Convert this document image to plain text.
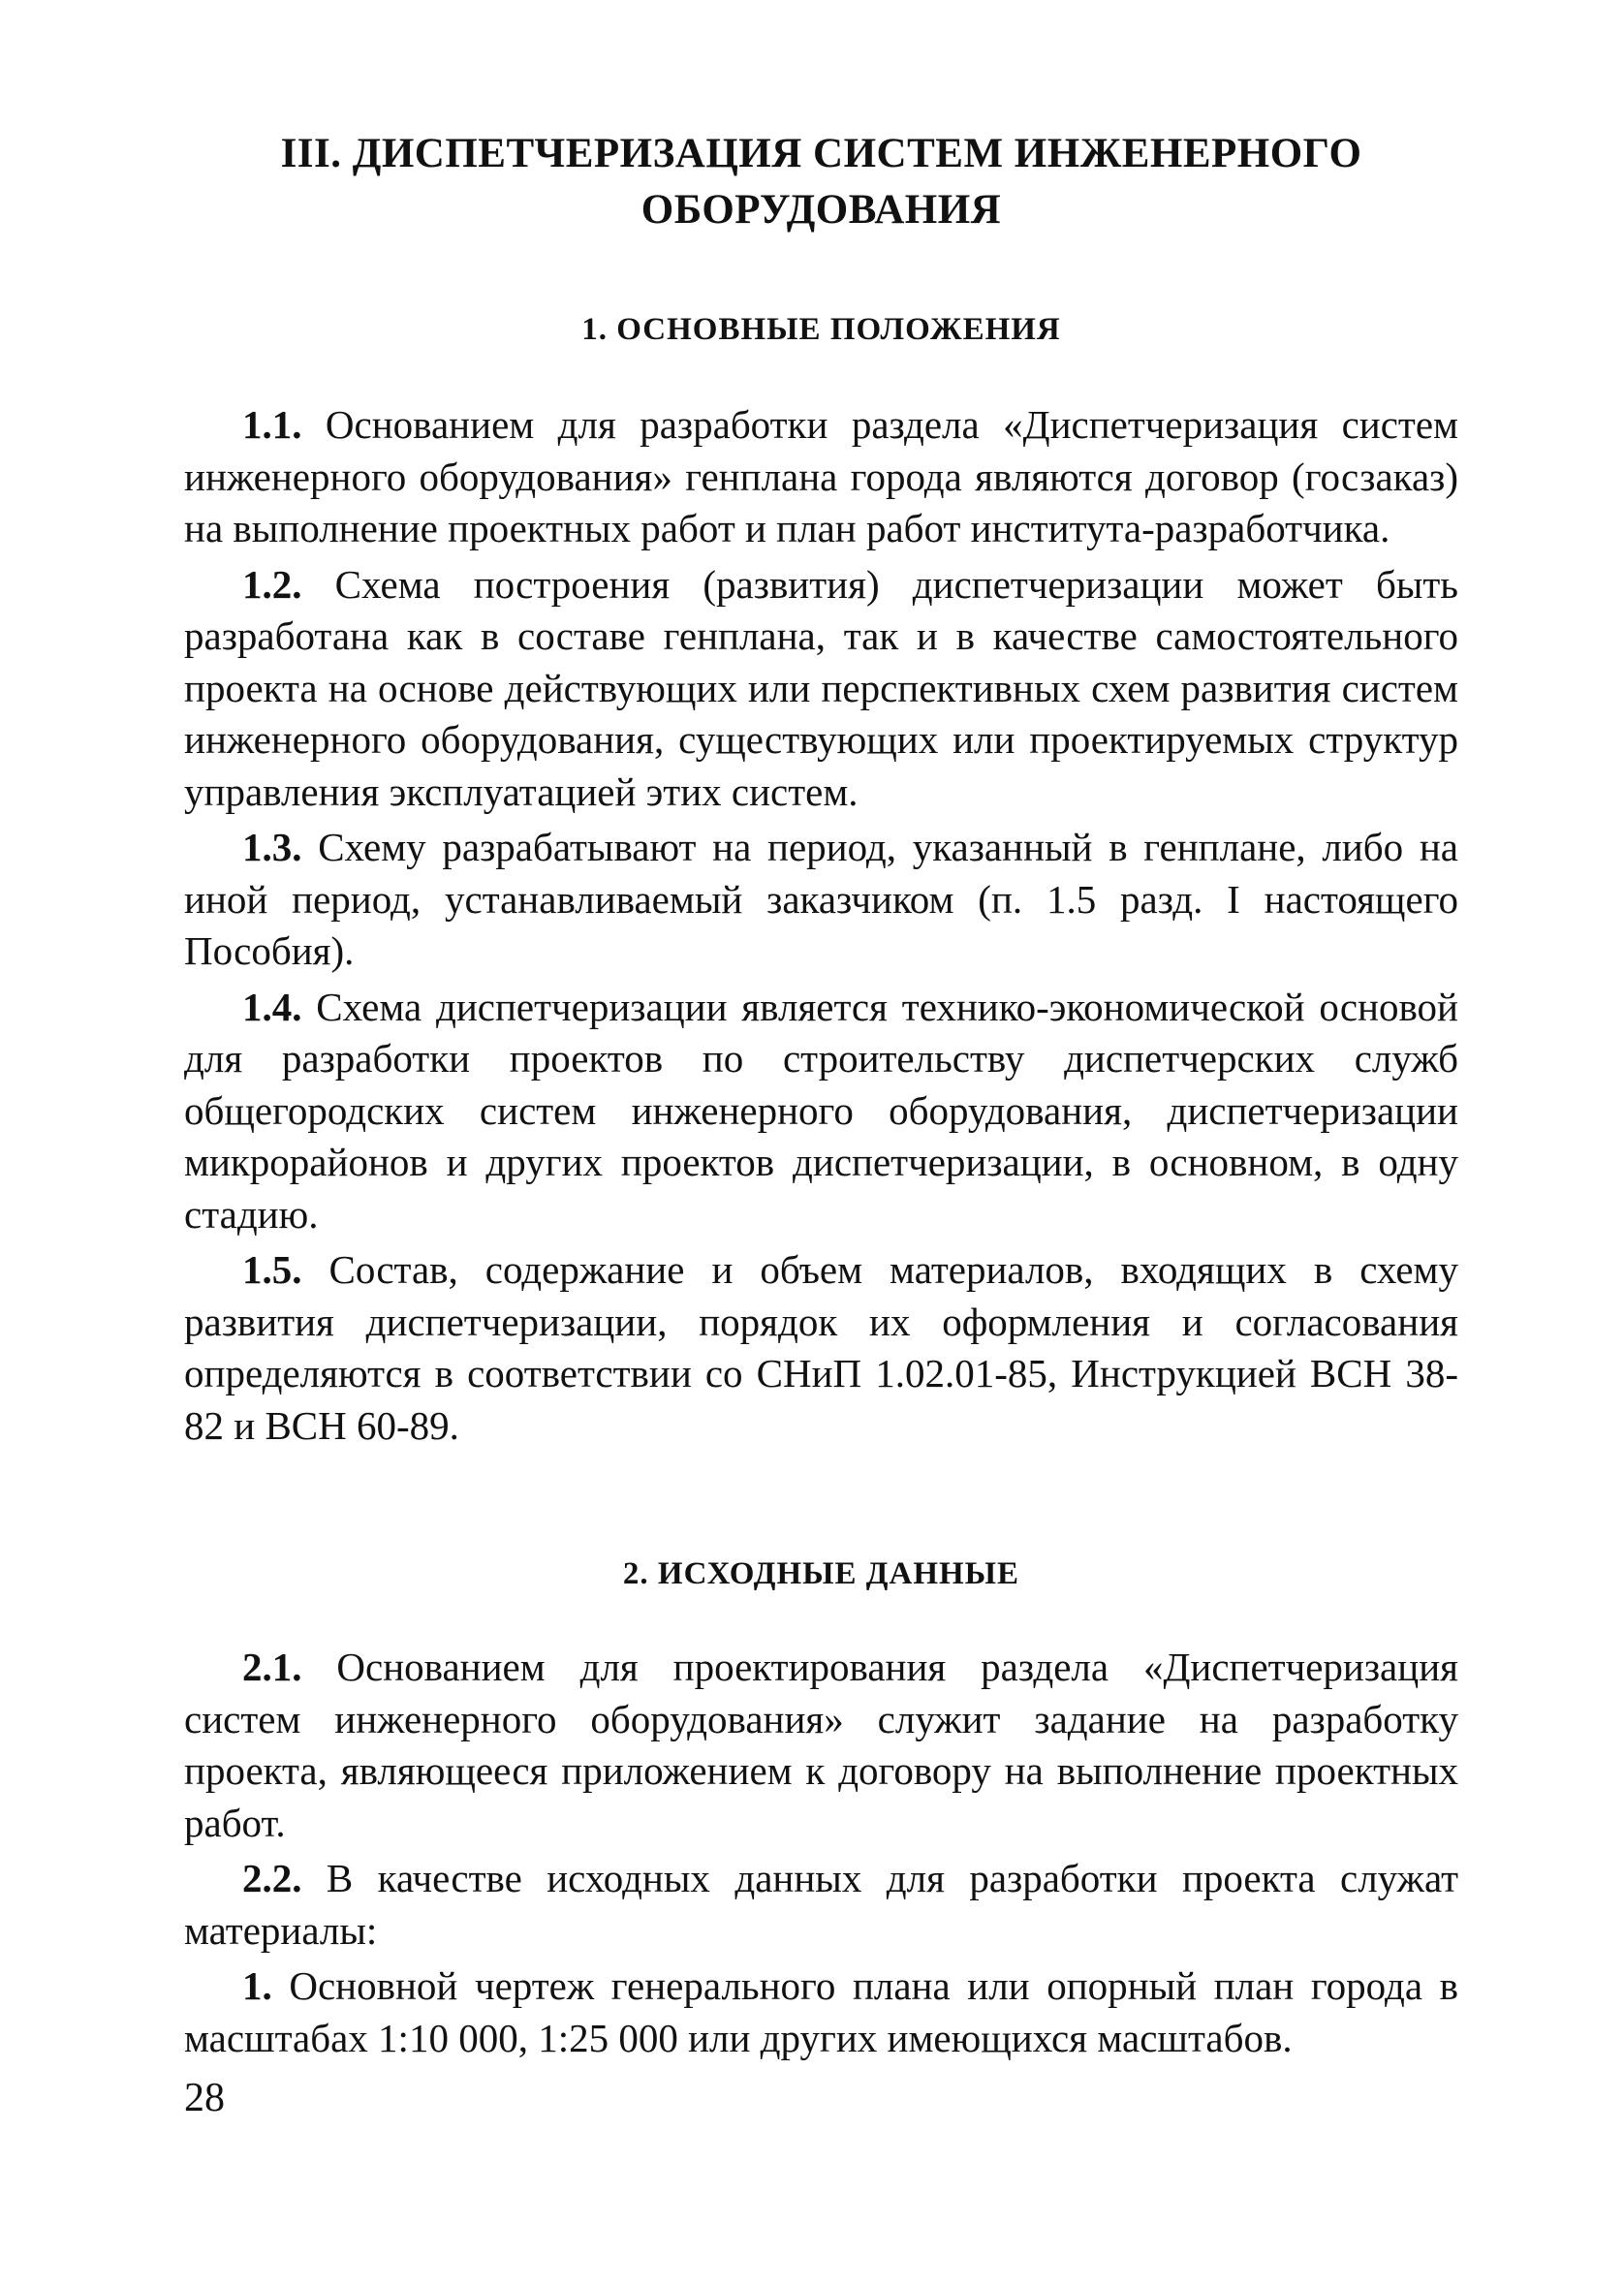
III. ДИСПЕТЧЕРИЗАЦИЯ СИСТЕМ ИНЖЕНЕРНОГО
ОБОРУДОВАНИЯ
1. ОСНОВНЫЕ ПОЛОЖЕНИЯ

1.1. Основанием для разработки раздела «Диспетчеризация систем инженерного оборудования» генплана города являются договор (госзаказ) на выполнение проектных работ и план работ института-разработчика.

1.2. Схема построения (развития) диспетчеризации может быть разработана как в составе генплана, так и в качестве самостоятельного проекта на основе действующих или перспективных схем развития систем инженерного оборудования, существующих или проектируемых структур управления эксплуатацией этих систем.

1.3. Схему разрабатывают на период, указанный в генплане, либо на иной период, устанавливаемый заказчиком (п. 1.5 разд. I настоящего Пособия).

1.4. Схема диспетчеризации является технико-экономической основой для разработки проектов по строительству диспетчерских служб общегородских систем инженерного оборудования, диспетчеризации микрорайонов и других проектов диспетчеризации, в основном, в одну стадию.

1.5. Состав, содержание и объем материалов, входящих в схему развития диспетчеризации, порядок их оформления и согласования определяются в соответствии со СНиП 1.02.01-85, Инструкцией ВСН 38-82 и ВСН 60-89.

2. ИСХОДНЫЕ ДАННЫЕ

2.1. Основанием для проектирования раздела «Диспетчеризация систем инженерного оборудования» служит задание на разработку проекта, являющееся приложением к договору на выполнение проектных работ.

2.2. В качестве исходных данных для разработки проекта служат материалы:

1. Основной чертеж генерального плана или опорный план города в масштабах 1:10 000, 1:25 000 или других имеющихся масштабов.

28
